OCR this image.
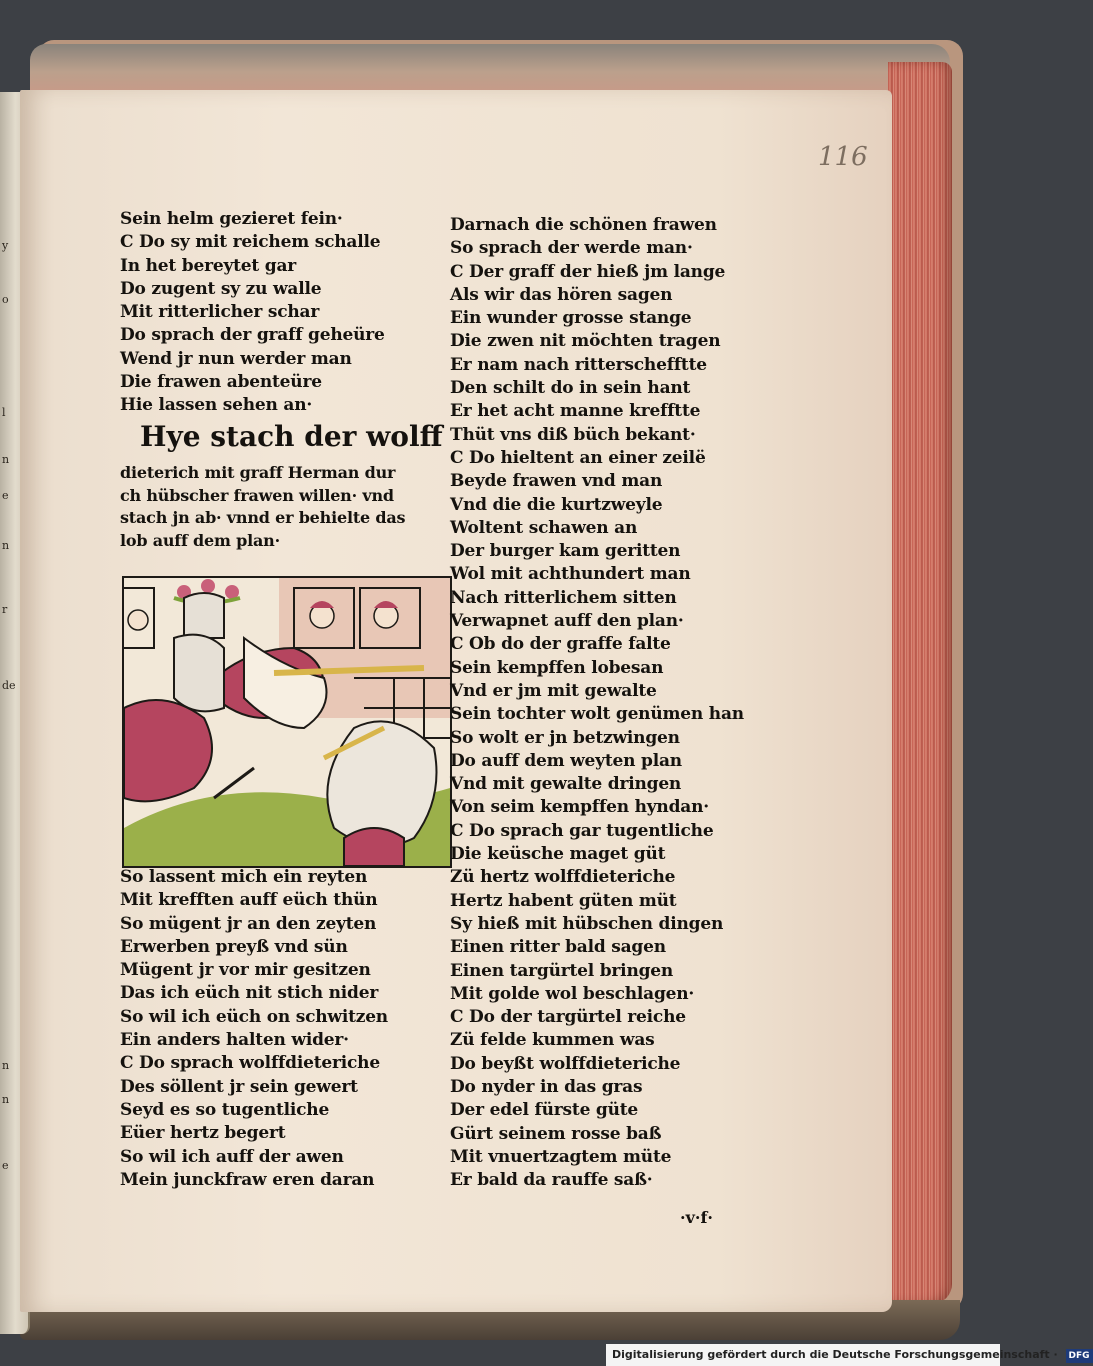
y
o
l
n
e
n
r
de
n
n
e
116
Sein helm gezieret fein·
C Do sy mit reichem schalle
In het bereytet gar
Do zugent sy zu walle
Mit ritterlicher schar
Do sprach der graff geheüre
Wend jr nun werder man
Die frawen abenteüre
Hie lassen sehen an·
Hye stach der wolff
dieterich mit graff Herman dur
ch hübscher frawen willen· vnd
stach jn ab· vnnd er behielte das
lob auff dem plan·
So lassent mich ein reyten
Mit krefften auff eüch thün
So mügent jr an den zeyten
Erwerben preyß vnd sün
Mügent jr vor mir gesitzen
Das ich eüch nit stich nider
So wil ich eüch on schwitzen
Ein anders halten wider·
C Do sprach wolffdieteriche
Des söllent jr sein gewert
Seyd es so tugentliche
Eüer hertz begert
So wil ich auff der awen
Mein junckfraw eren daran
Darnach die schönen frawen
So sprach der werde man·
C Der graff der hieß jm lange
Als wir das hören sagen
Ein wunder grosse stange
Die zwen nit möchten tragen
Er nam nach ritterschefftte
Den schilt do in sein hant
Er het acht manne krefftte
Thüt vns diß büch bekant·
C Do hieltent an einer zeilë
Beyde frawen vnd man
Vnd die die kurtzweyle
Woltent schawen an
Der burger kam geritten
Wol mit achthundert man
Nach ritterlichem sitten
Verwapnet auff den plan·
C Ob do der graffe falte
Sein kempffen lobesan
Vnd er jm mit gewalte
Sein tochter wolt genümen han
So wolt er jn betzwingen
Do auff dem weyten plan
Vnd mit gewalte dringen
Von seim kempffen hyndan·
C Do sprach gar tugentliche
Die keüsche maget güt
Zü hertz wolffdieteriche
Hertz habent güten müt
Sy hieß mit hübschen dingen
Einen ritter bald sagen
Einen targürtel bringen
Mit golde wol beschlagen·
C Do der targürtel reiche
Zü felde kummen was
Do beyßt wolffdieteriche
Do nyder in das gras
Der edel fürste güte
Gürt seinem rosse baß
Mit vnuertzagtem müte
Er bald da rauffe saß·
·v·f·
Digitalisierung gefördert durch die Deutsche Forschungsgemeinschaft · DFG
